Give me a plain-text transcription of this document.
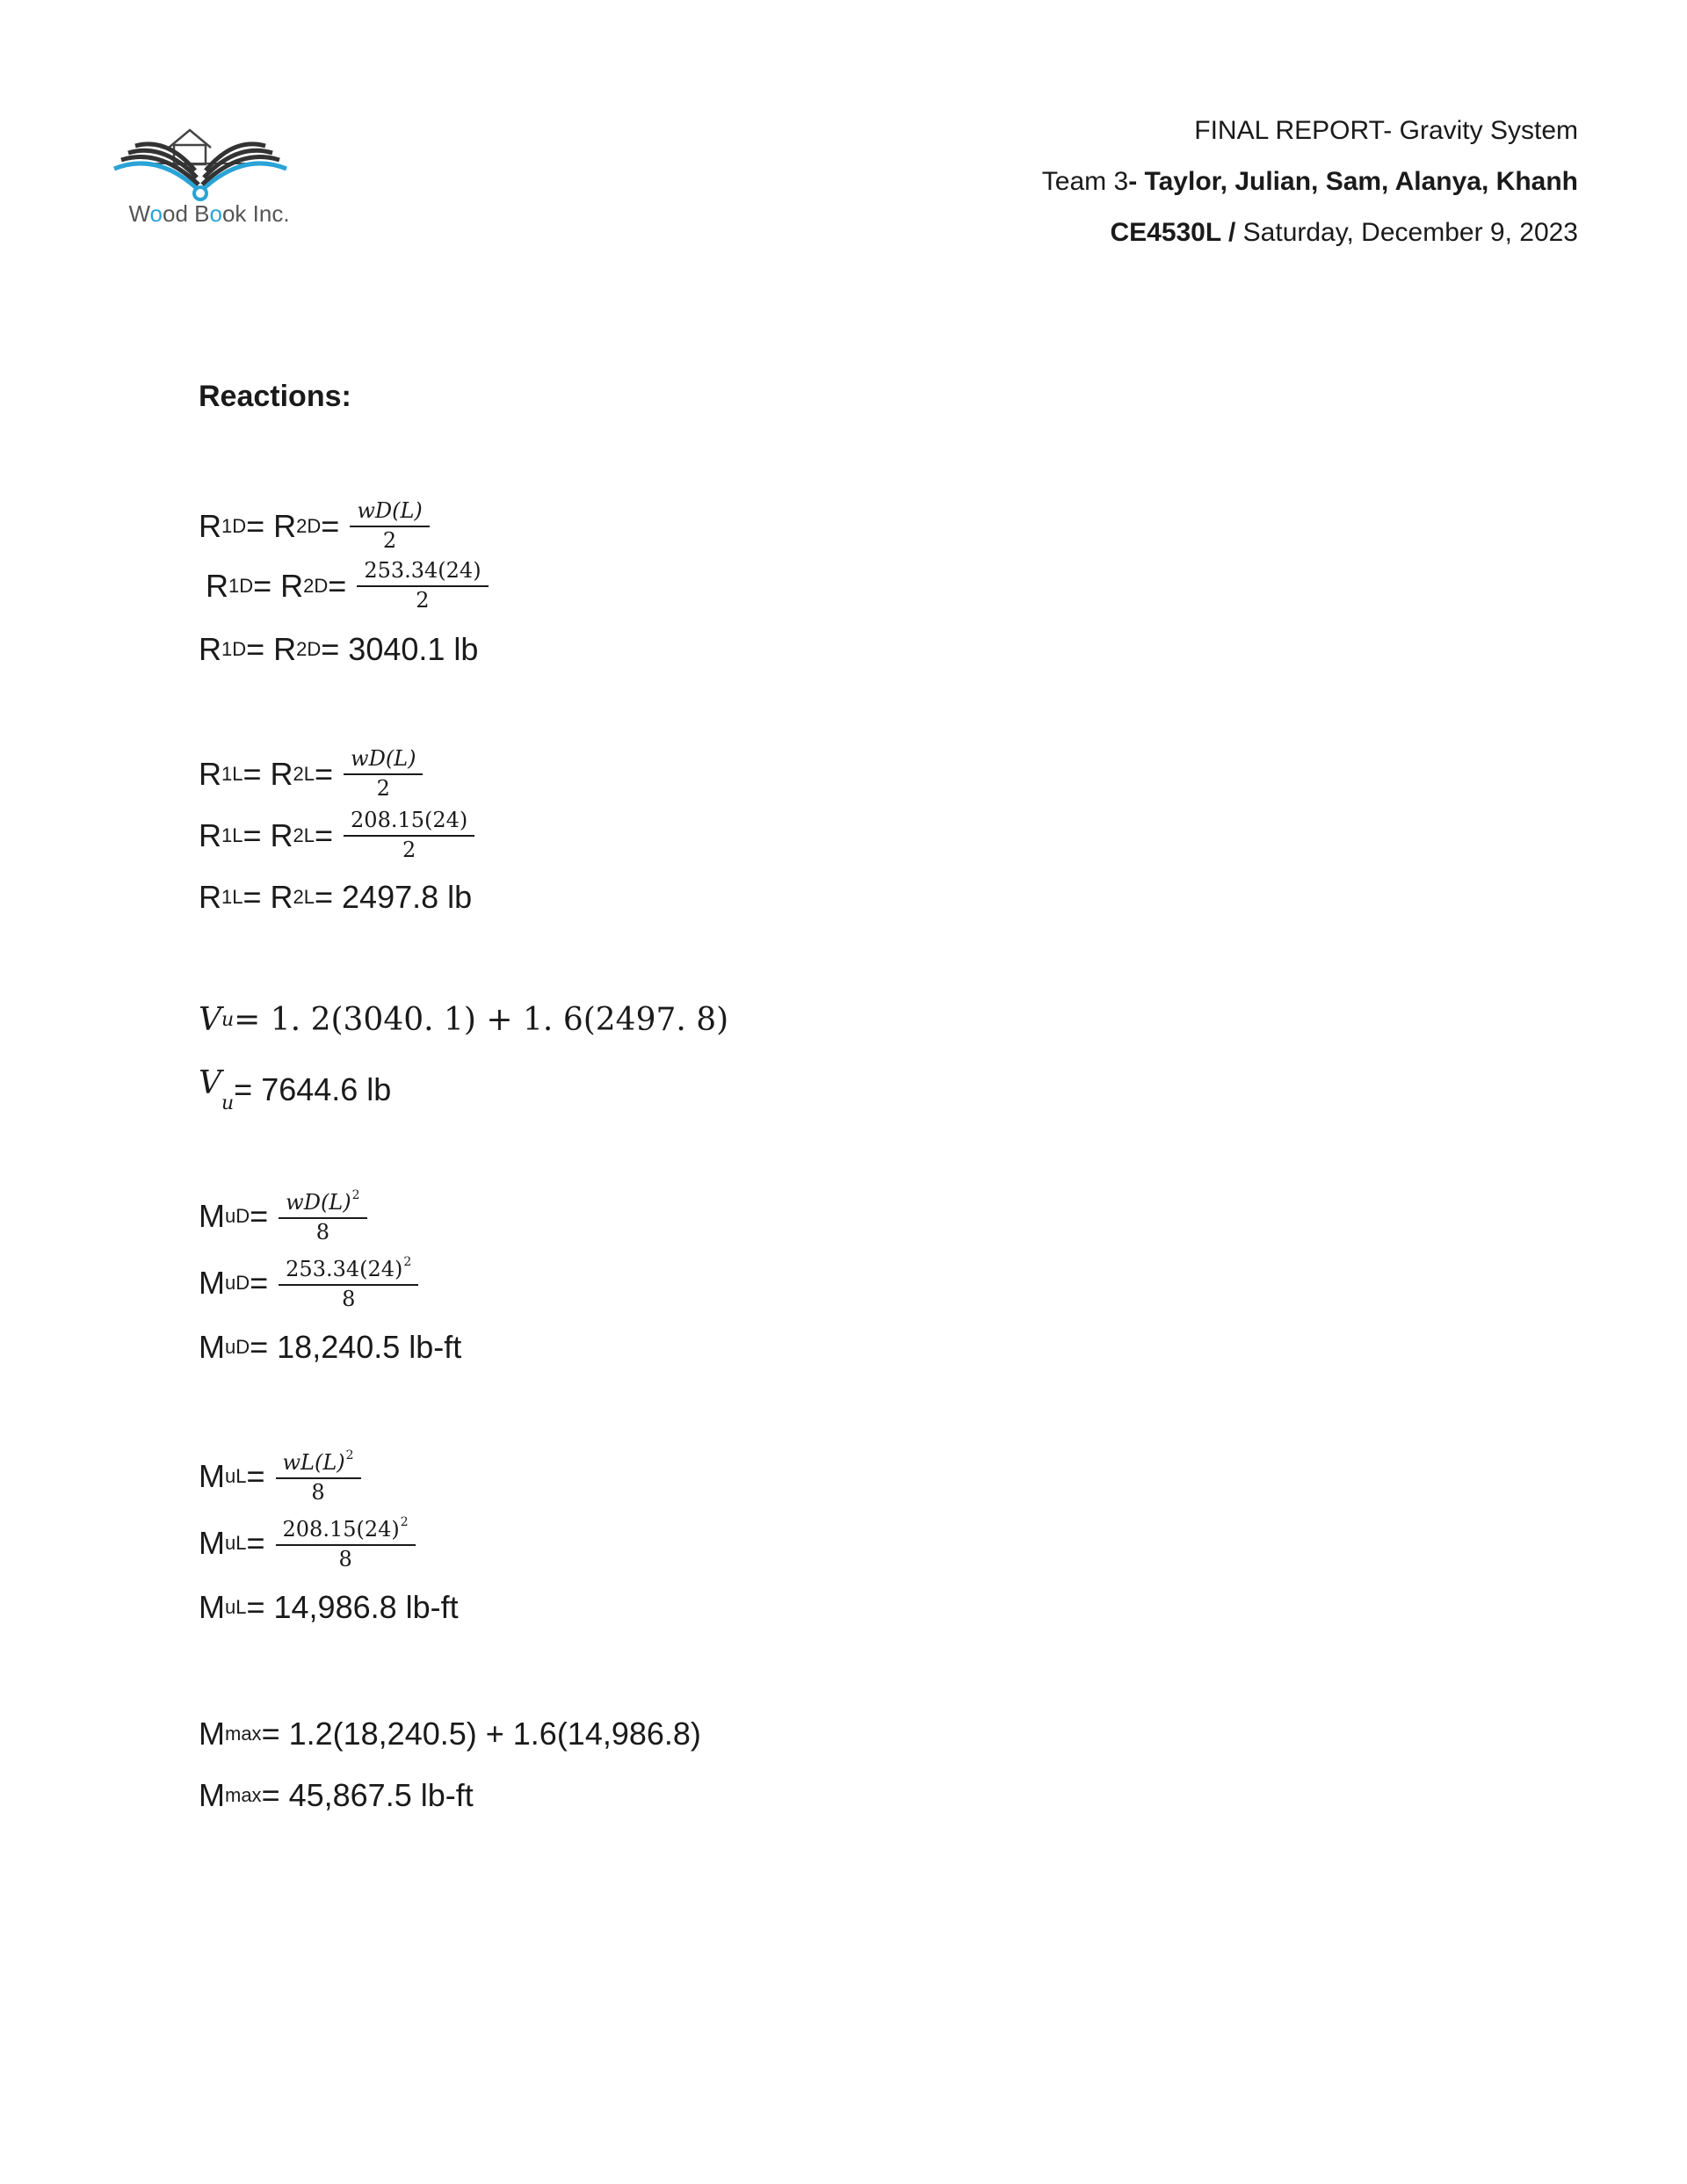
Wood Book Inc.
FINAL REPORT- Gravity System
Team 3- Taylor, Julian, Sam, Alanya, Khanh
CE4530L / Saturday, December 9, 2023
Reactions:
R 1D = R $2D = \frac{wD(L)}{2}$
R 1D = R $2D = \frac{253.34(24)}{2}$
R 1D = R 2D = 3040.1 lb
R 1L = R $2L = \frac{wD(L)}{2}$
R 1L = R $2L = \frac{208.15(24)}{2}$
R 1L = R 2L = 2497.8 lb
V u = 1. 2(3040. 1) + 1. 6(2497. 8)
$V_u = 7644.6$ lb
M uD = $\frac{wD(L)^2}{8}$
M uD = $\frac{253.34(24)^2}{8}$
M uD = 18,240.5 lb-ft
M uL = $\frac{wL(L)^2}{8}$
M uL = $\frac{208.15(24)^2}{8}$
M uL = 14,986.8 lb-ft
M max = 1.2(18,240.5) + 1.6(14,986.8)
M max = 45,867.5 lb-ft
